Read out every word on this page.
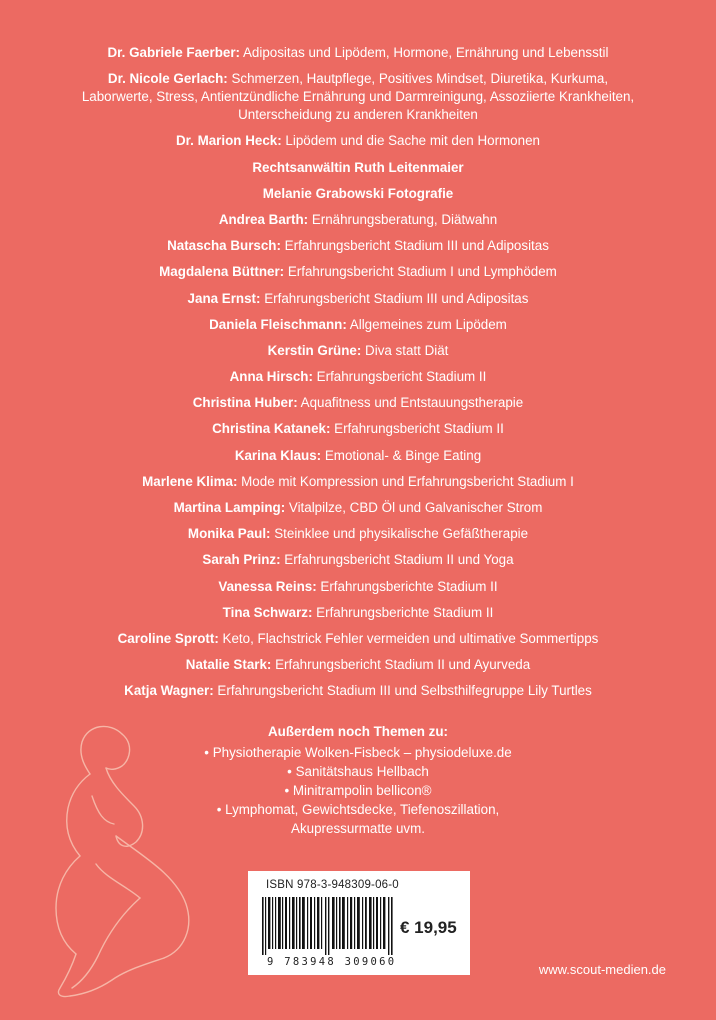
Dr. Gabriele Faerber: Adipositas und Lipödem, Hormone, Ernährung und Lebensstil
Dr. Nicole Gerlach: Schmerzen, Hautpflege, Positives Mindset, Diuretika, Kurkuma, Laborwerte, Stress, Antientzündliche Ernährung und Darmreinigung, Assoziierte Krankheiten, Unterscheidung zu anderen Krankheiten
Dr. Marion Heck: Lipödem und die Sache mit den Hormonen
Rechtsanwältin Ruth Leitenmaier
Melanie Grabowski Fotografie
Andrea Barth: Ernährungsberatung, Diätwahn
Natascha Bursch: Erfahrungsbericht Stadium III und Adipositas
Magdalena Büttner: Erfahrungsbericht Stadium I und Lymphödem
Jana Ernst: Erfahrungsbericht Stadium III und Adipositas
Daniela Fleischmann: Allgemeines zum Lipödem
Kerstin Grüne: Diva statt Diät
Anna Hirsch: Erfahrungsbericht Stadium II
Christina Huber: Aquafitness und Entstauungstherapie
Christina Katanek: Erfahrungsbericht Stadium II
Karina Klaus: Emotional- & Binge Eating
Marlene Klima: Mode mit Kompression und Erfahrungsbericht Stadium I
Martina Lamping: Vitalpilze, CBD Öl und Galvanischer Strom
Monika Paul: Steinklee und physikalische Gefäßtherapie
Sarah Prinz: Erfahrungsbericht Stadium II und Yoga
Vanessa Reins: Erfahrungsberichte Stadium II
Tina Schwarz: Erfahrungsberichte Stadium II
Caroline Sprott: Keto, Flachstrick Fehler vermeiden und ultimative Sommertipps
Natalie Stark: Erfahrungsbericht Stadium II und Ayurveda
Katja Wagner: Erfahrungsbericht Stadium III und Selbsthilfegruppe Lily Turtles
Außerdem noch Themen zu:
• Physiotherapie Wolken-Fisbeck – physiodeluxe.de
• Sanitätshaus Hellbach
• Minitrampolin bellicon®
• Lymphomat, Gewichtsdecke, Tiefenoszillation,
Akupressurmatte uvm.
ISBN 978-3-948309-06-0
9 783948 309060
€ 19,95
www.scout-medien.de
